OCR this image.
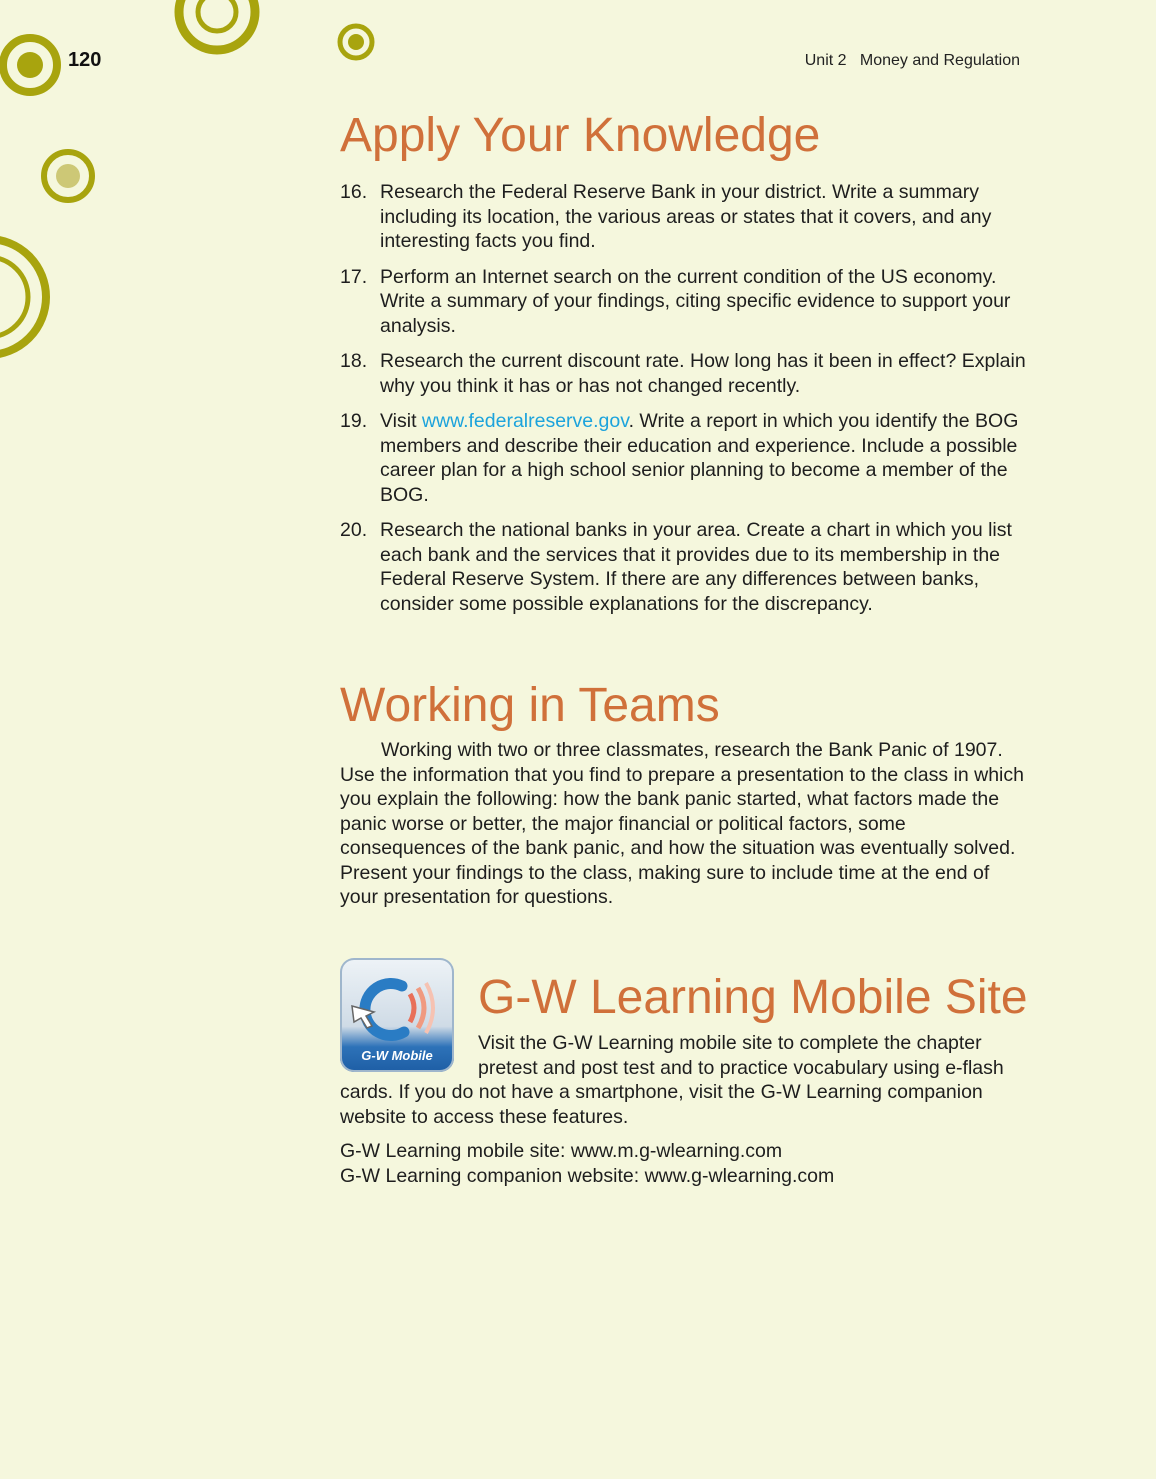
120	Unit 2   Money and Regulation
Apply Your Knowledge
16. Research the Federal Reserve Bank in your district. Write a summary including its location, the various areas or states that it covers, and any interesting facts you find.
17. Perform an Internet search on the current condition of the US economy. Write a summary of your findings, citing specific evidence to support your analysis.
18. Research the current discount rate. How long has it been in effect? Explain why you think it has or has not changed recently.
19. Visit www.federalreserve.gov. Write a report in which you identify the BOG members and describe their education and experience. Include a possible career plan for a high school senior planning to become a member of the BOG.
20. Research the national banks in your area. Create a chart in which you list each bank and the services that it provides due to its membership in the Federal Reserve System. If there are any differences between banks, consider some possible explanations for the discrepancy.
Working in Teams

Working with two or three classmates, research the Bank Panic of 1907. Use the information that you find to prepare a presentation to the class in which you explain the following: how the bank panic started, what factors made the panic worse or better, the major financial or political factors, some consequences of the bank panic, and how the situation was eventually solved. Present your findings to the class, making sure to include time at the end of your presentation for questions.

G-W Learning Mobile Site
G-W Mobile

Visit the G-W Learning mobile site to complete the chapter pretest and post test and to practice vocabulary using e-flash cards. If you do not have a smartphone, visit the G-W Learning companion website to access these features.

G-W Learning mobile site: www.m.g-wlearning.com
G-W Learning companion website: www.g-wlearning.com
